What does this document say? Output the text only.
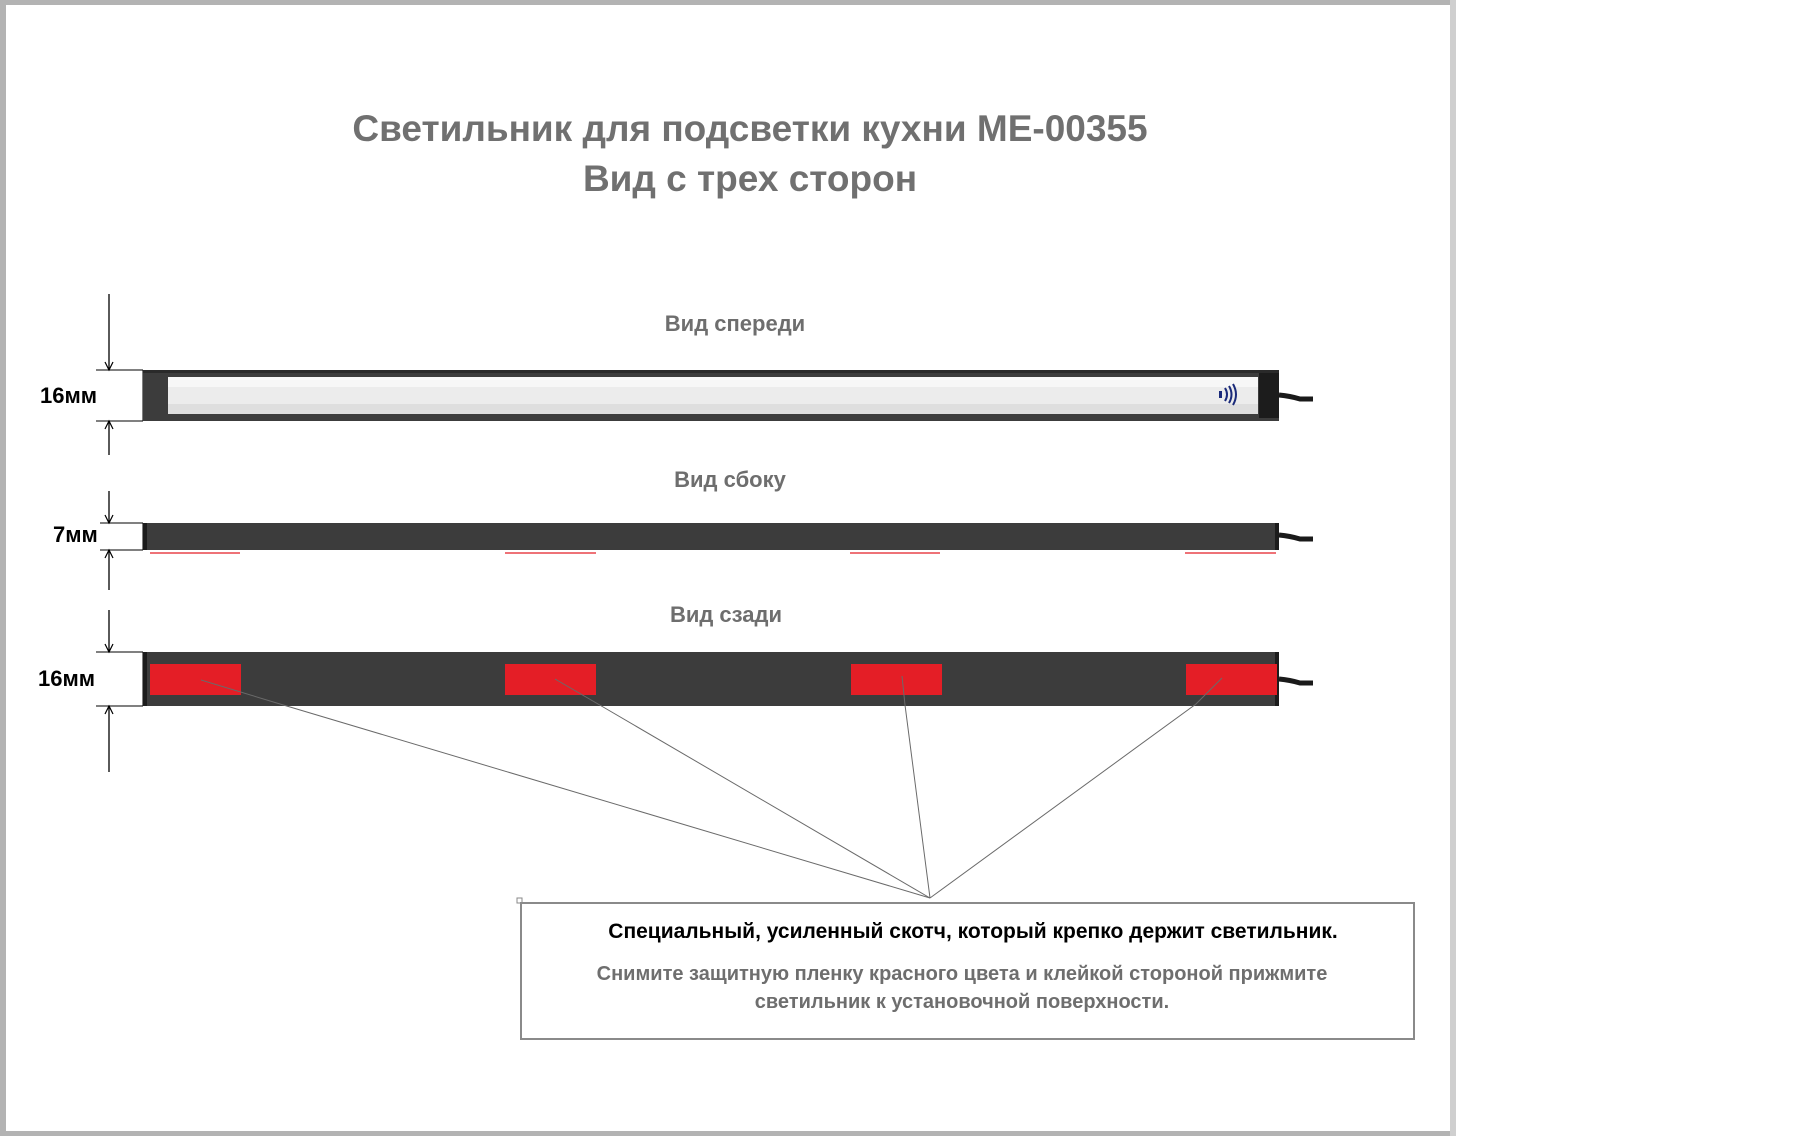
Светильник для подсветки кухни ME-00355
Вид с трех сторон
Вид спереди
Вид сбоку
Вид сзади
16мм
7мм
16мм
Специальный, усиленный скотч, который крепко держит светильник.
Снимите защитную пленку красного цвета и клейкой стороной прижмите светильник к установочной поверхности.
